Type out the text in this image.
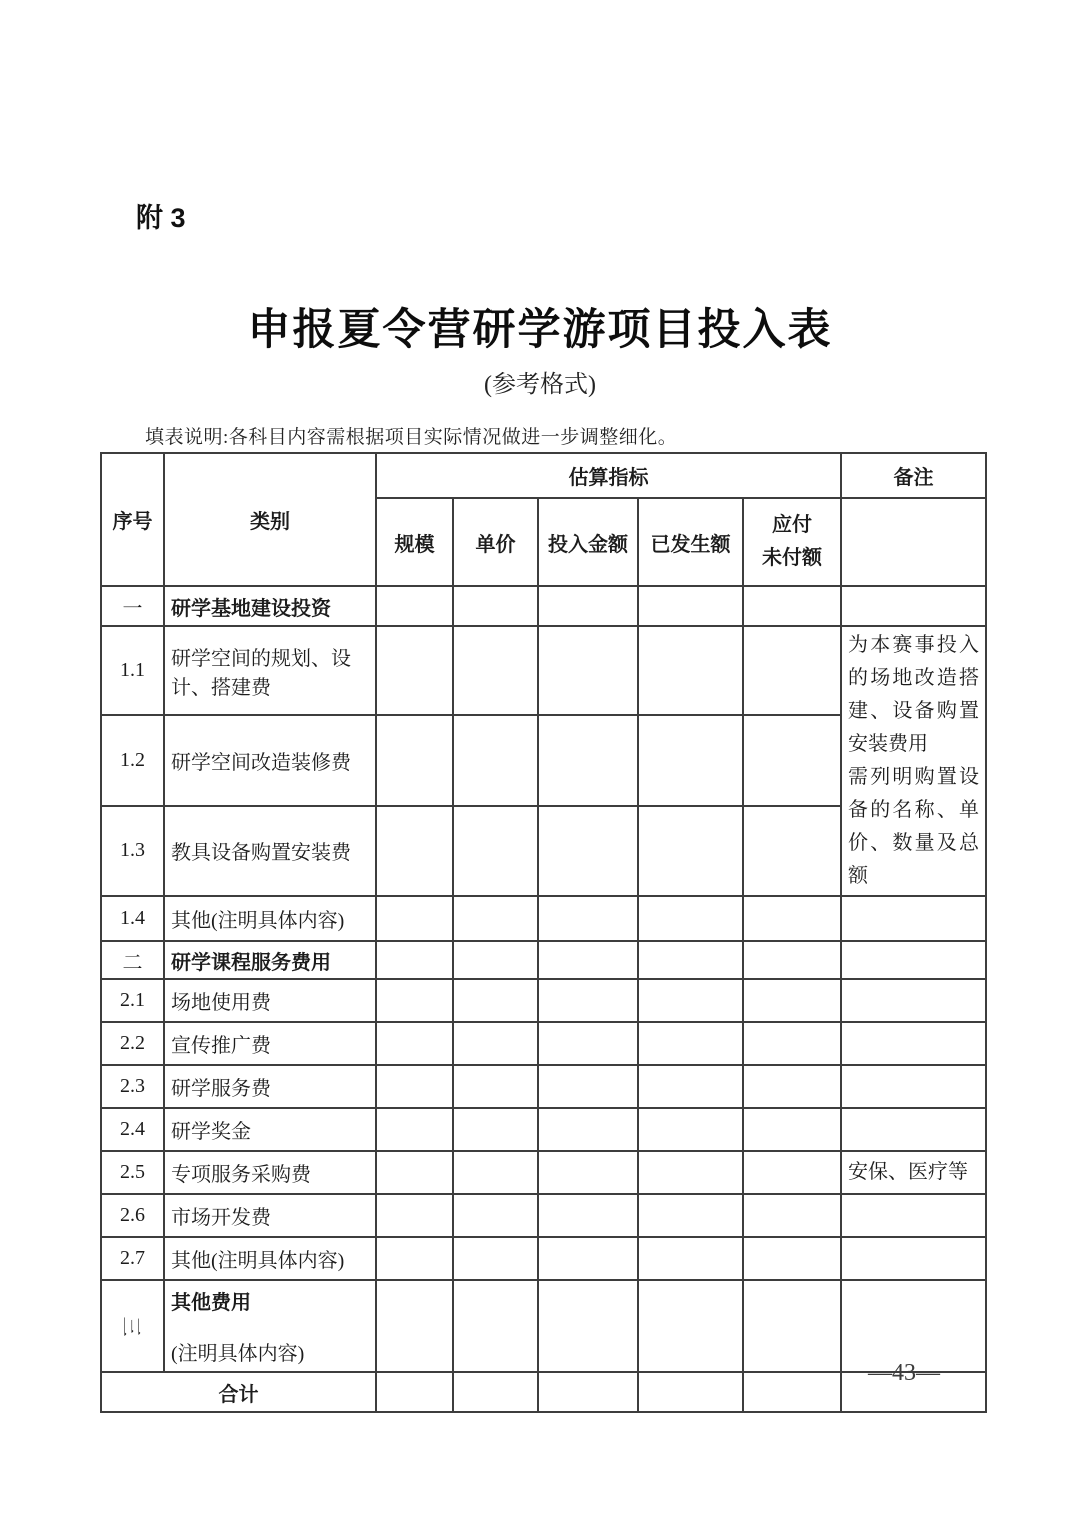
附 3
申报夏令营研学游项目投入表
(参考格式)
填表说明:各科目内容需根据项目实际情况做进一步调整细化。
序号	类别	估算指标					备注
		规模	单价	投入金额	已发生额	应付
未付额	

一	研学基地建设投资						
1.1	研学空间的规划、设计、搭建费						为本赛事投入的场地改造搭建、设备购置安装费用
需列明购置设备的名称、单价、数量及总额

1.2	研学空间改造装修费						
1.3	教具设备购置安装费						
1.4	其他(注明具体内容)						
二	研学课程服务费用						
2.1	场地使用费						
2.2	宣传推广费						
2.3	研学服务费						
2.4	研学奖金						
2.5	专项服务采购费						安保、医疗等
2.6	市场开发费						
2.7	其他(注明具体内容)						
三	其他费用
(注明具体内容)						

合计							
—43—
